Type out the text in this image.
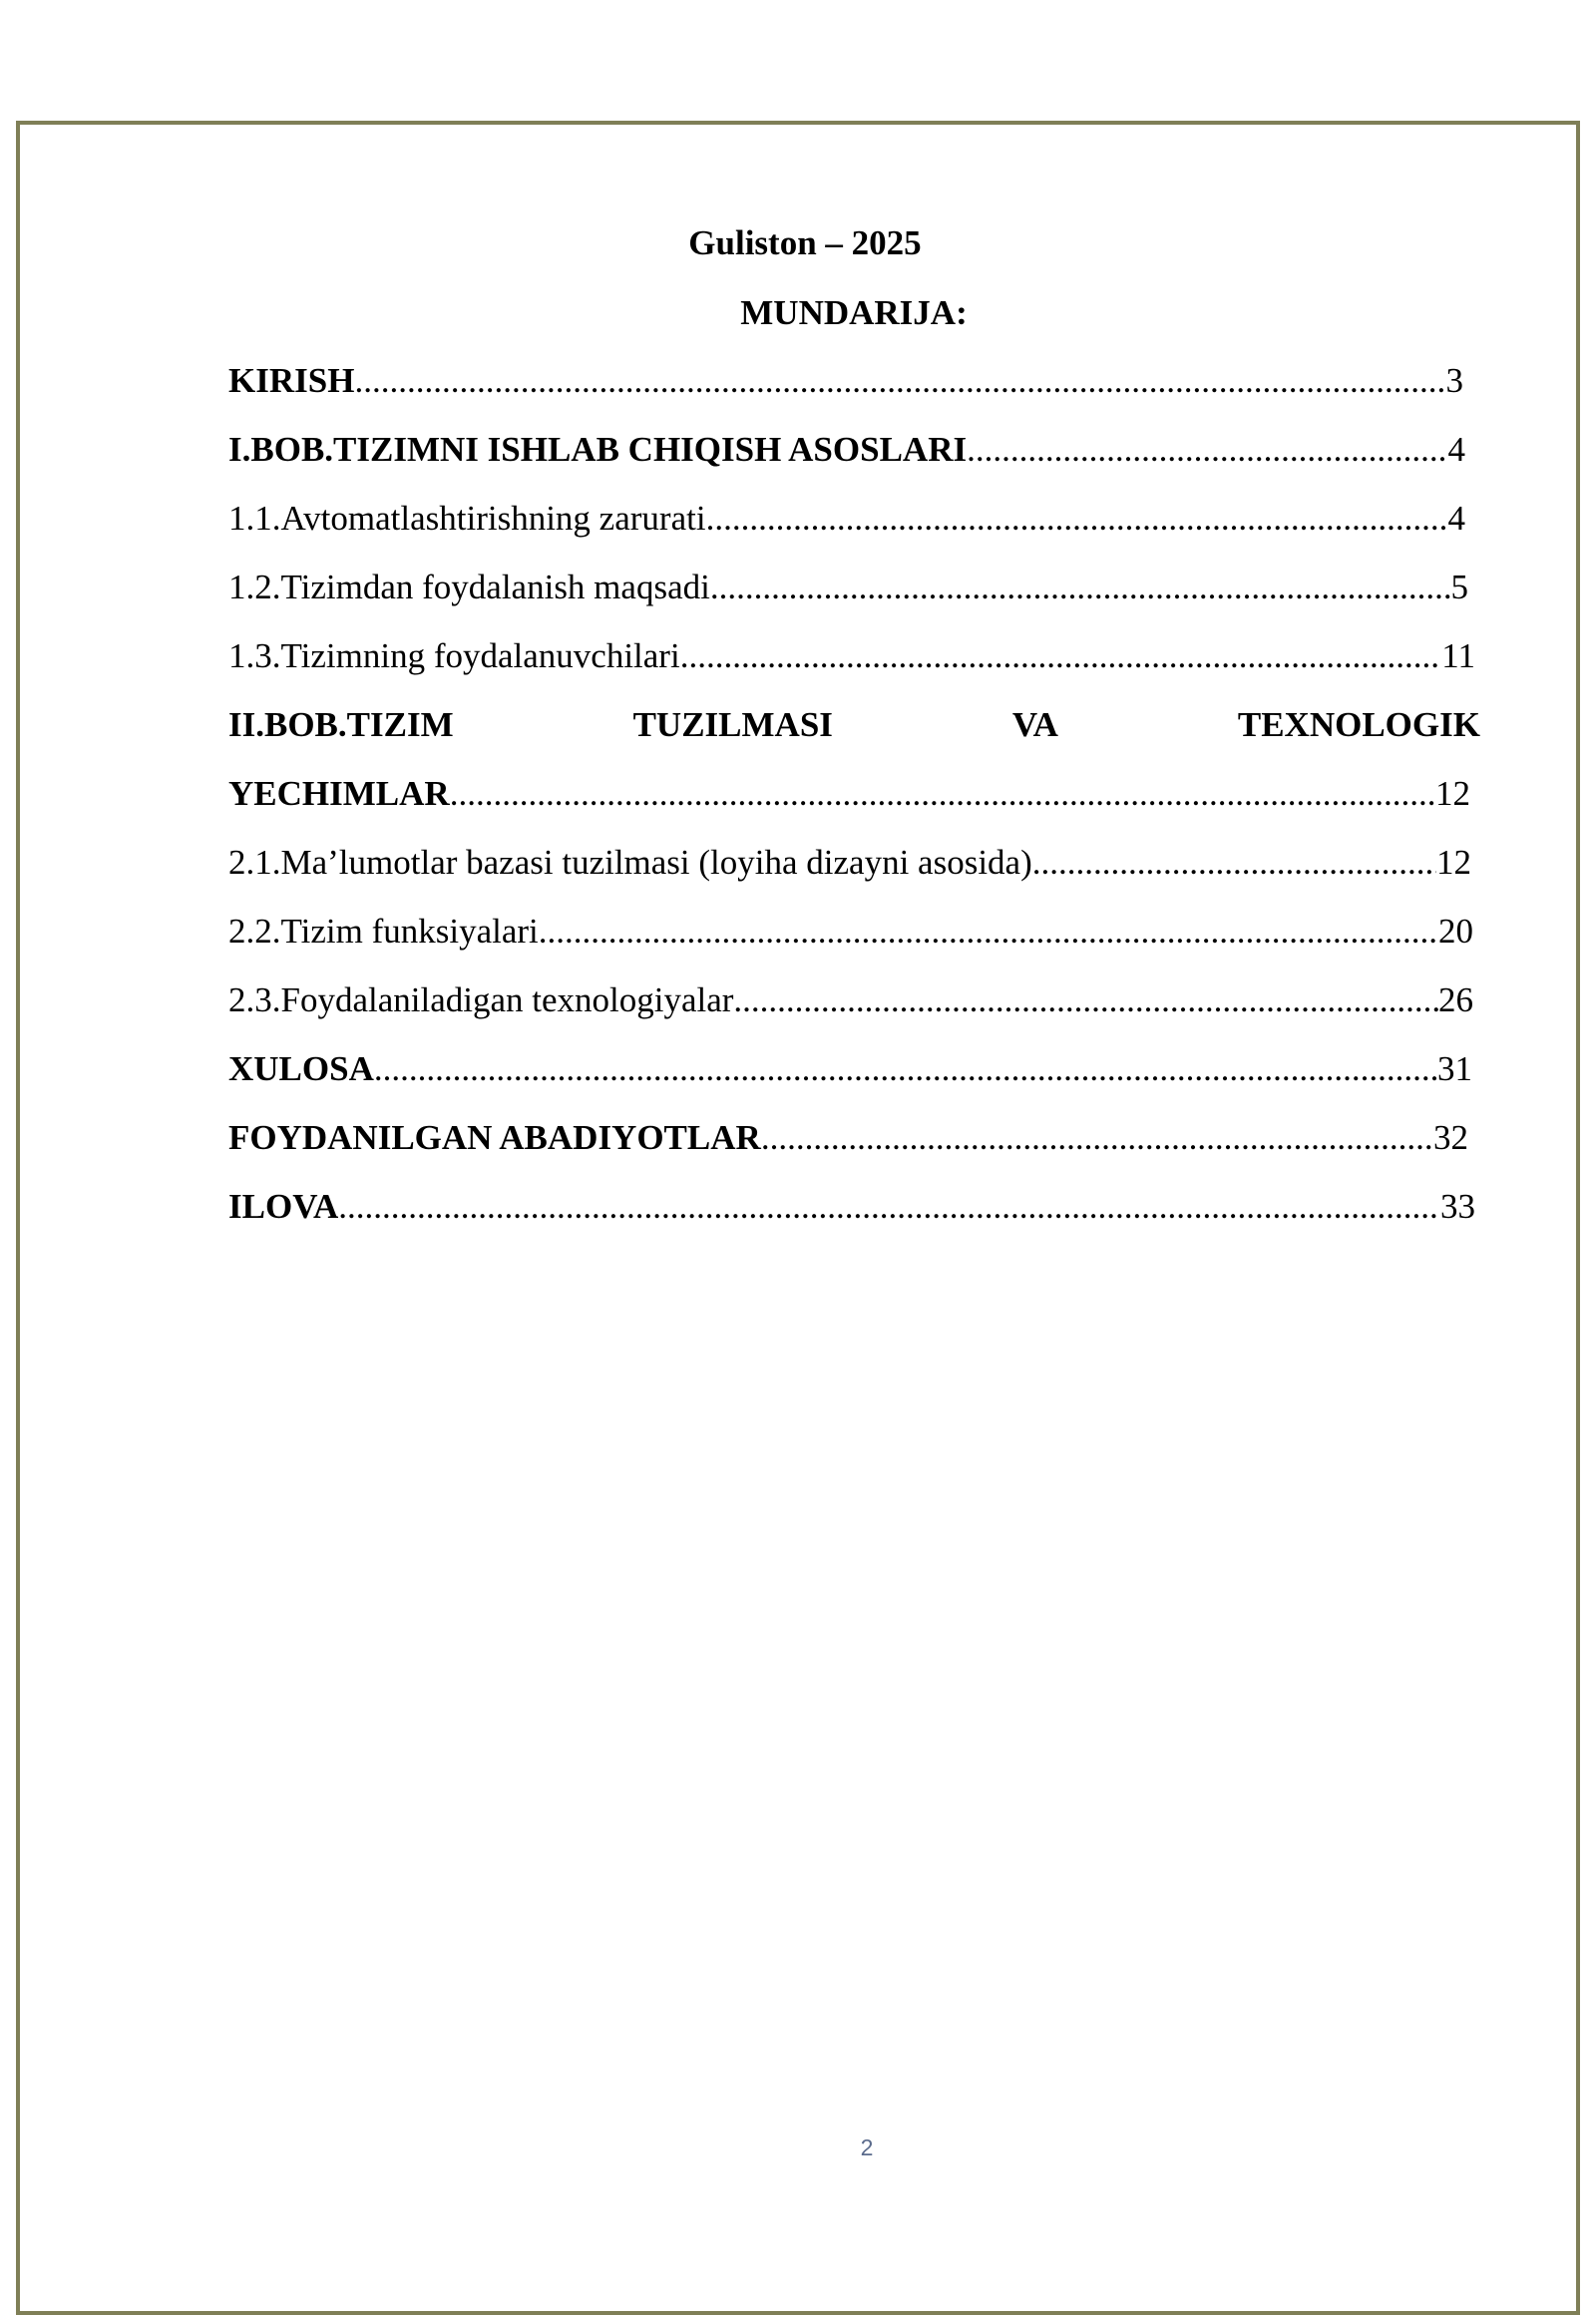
Guliston – 2025
MUNDARIJA:
KIRISH .....	3
I.BOB.TIZIMNI ISHLAB CHIQISH ASOSLARI .....	4
1.1.Avtomatlashtirishning zarurati .....	4
1.2.Tizimdan foydalanish maqsadi .....	5
1.3.Tizimning foydalanuvchilari .....	11
II.BOB.TIZIM	TUZILMASI	VA	TEXNOLOGIK
YECHIMLAR .....	12
2.1.Ma’lumotlar bazasi tuzilmasi (loyiha dizayni asosida) .....	12
2.2.Tizim funksiyalari .....	20
2.3.Foydalaniladigan texnologiyalar .....	26
XULOSA .....	31
FOYDANILGAN ABADIYOTLAR .....	32
ILOVA .....	33
2
